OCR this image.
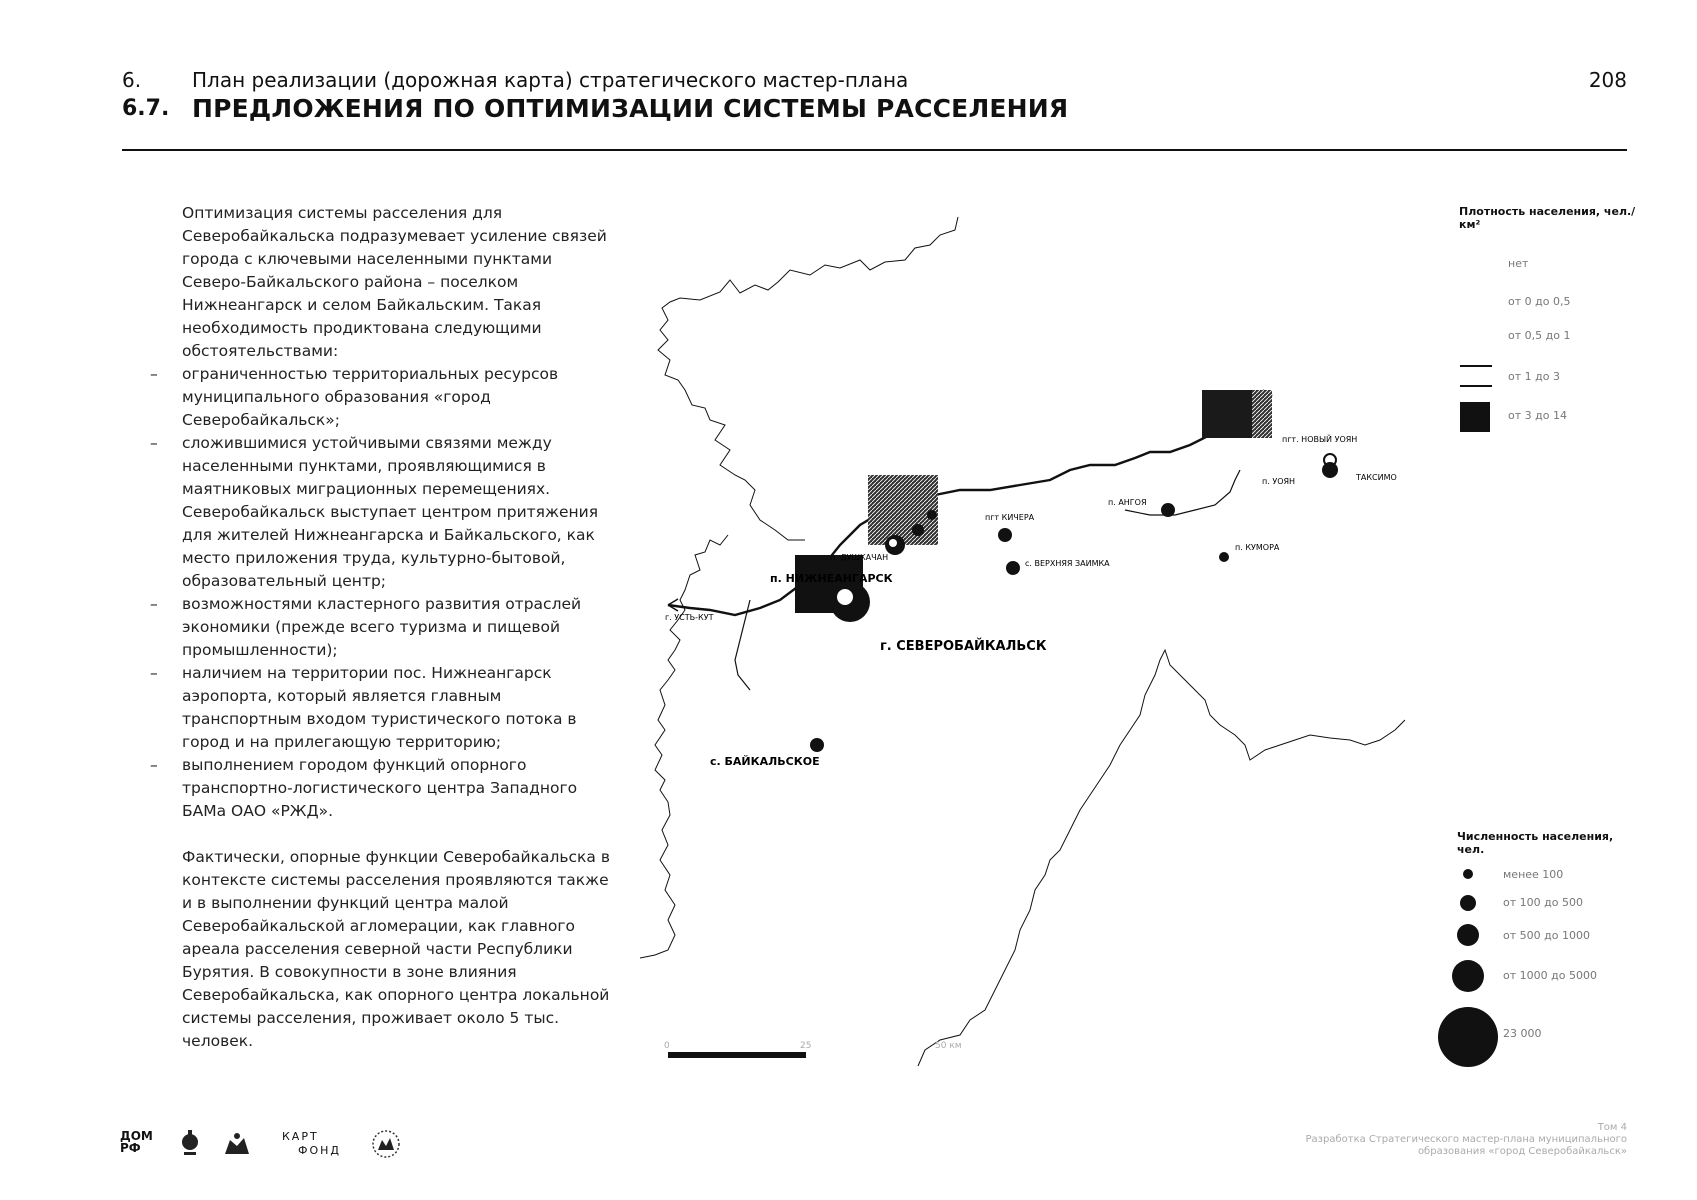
6.	План реализации (дорожная карта) стратегического мастер-плана
6.7. ПРЕДЛОЖЕНИЯ ПО ОПТИМИЗАЦИИ СИСТЕМЫ РАССЕЛЕНИЯ
208

Оптимизация системы расселения для Северобайкальска подразумевает усиление связей города с ключевыми населенными пунктами Северо-Байкальского района – поселком Нижнеангарск и селом Байкальским. Такая необходимость продиктована следующими обстоятельствами:

– ограниченностью территориальных ресурсов муниципального образования «город Северобайкальск»;
– сложившимися устойчивыми связями между населенными пунктами, проявляющимися в маятниковых миграционных перемещениях. Северобайкальск выступает центром притяжения для жителей Нижнеангарска и Байкальского, как место приложения труда, культурно-бытовой, образовательный центр;
– возможностями кластерного развития отраслей экономики (прежде всего туризма и пищевой промышленности);
– наличием на территории пос. Нижнеангарск аэропорта, который является главным транспортным входом туристического потока в город и на прилегающую территорию;
– выполнением городом функций опорного транспортно-логистического центра Западного БАМа ОАО «РЖД».

Фактически, опорные функции Северобайкальска в контексте системы расселения проявляются также и в выполнении функций центра малой Северобайкальской агломерации, как главного ареала расселения северной части Республики Бурятия. В совокупности в зоне влияния Северобайкальска, как опорного центра локальной системы расселения, проживает около 5 тыс. человек.

г. СЕВЕРОБАЙКАЛЬСК
п. НИЖНЕАНГАРСК
с. БАЙКАЛЬСКОЕ
г. УСТЬ-КУТ
п. ДУШКАЧАН
пгт КИЧЕРА
с. ВЕРХНЯЯ ЗАИМКА
п. АНГОЯ
п. КУМОРА
п. УОЯН
пгт. НОВЫЙ УОЯН
ТАКСИМО
0	25	50 км
Плотность населения, чел./ км²
нет
от 0 до 0,5
от 0,5 до 1
от 1 до 3
от 3 до 14
Численность населения, чел.
менее 100
от 100 до 500
от 500 до 1000
от 1000 до 5000
23 000
ДОМ
РФ
КАРТ
ФОНД
Том 4
Разработка Стратегического мастер-плана муниципального
образования «город Северобайкальск»
